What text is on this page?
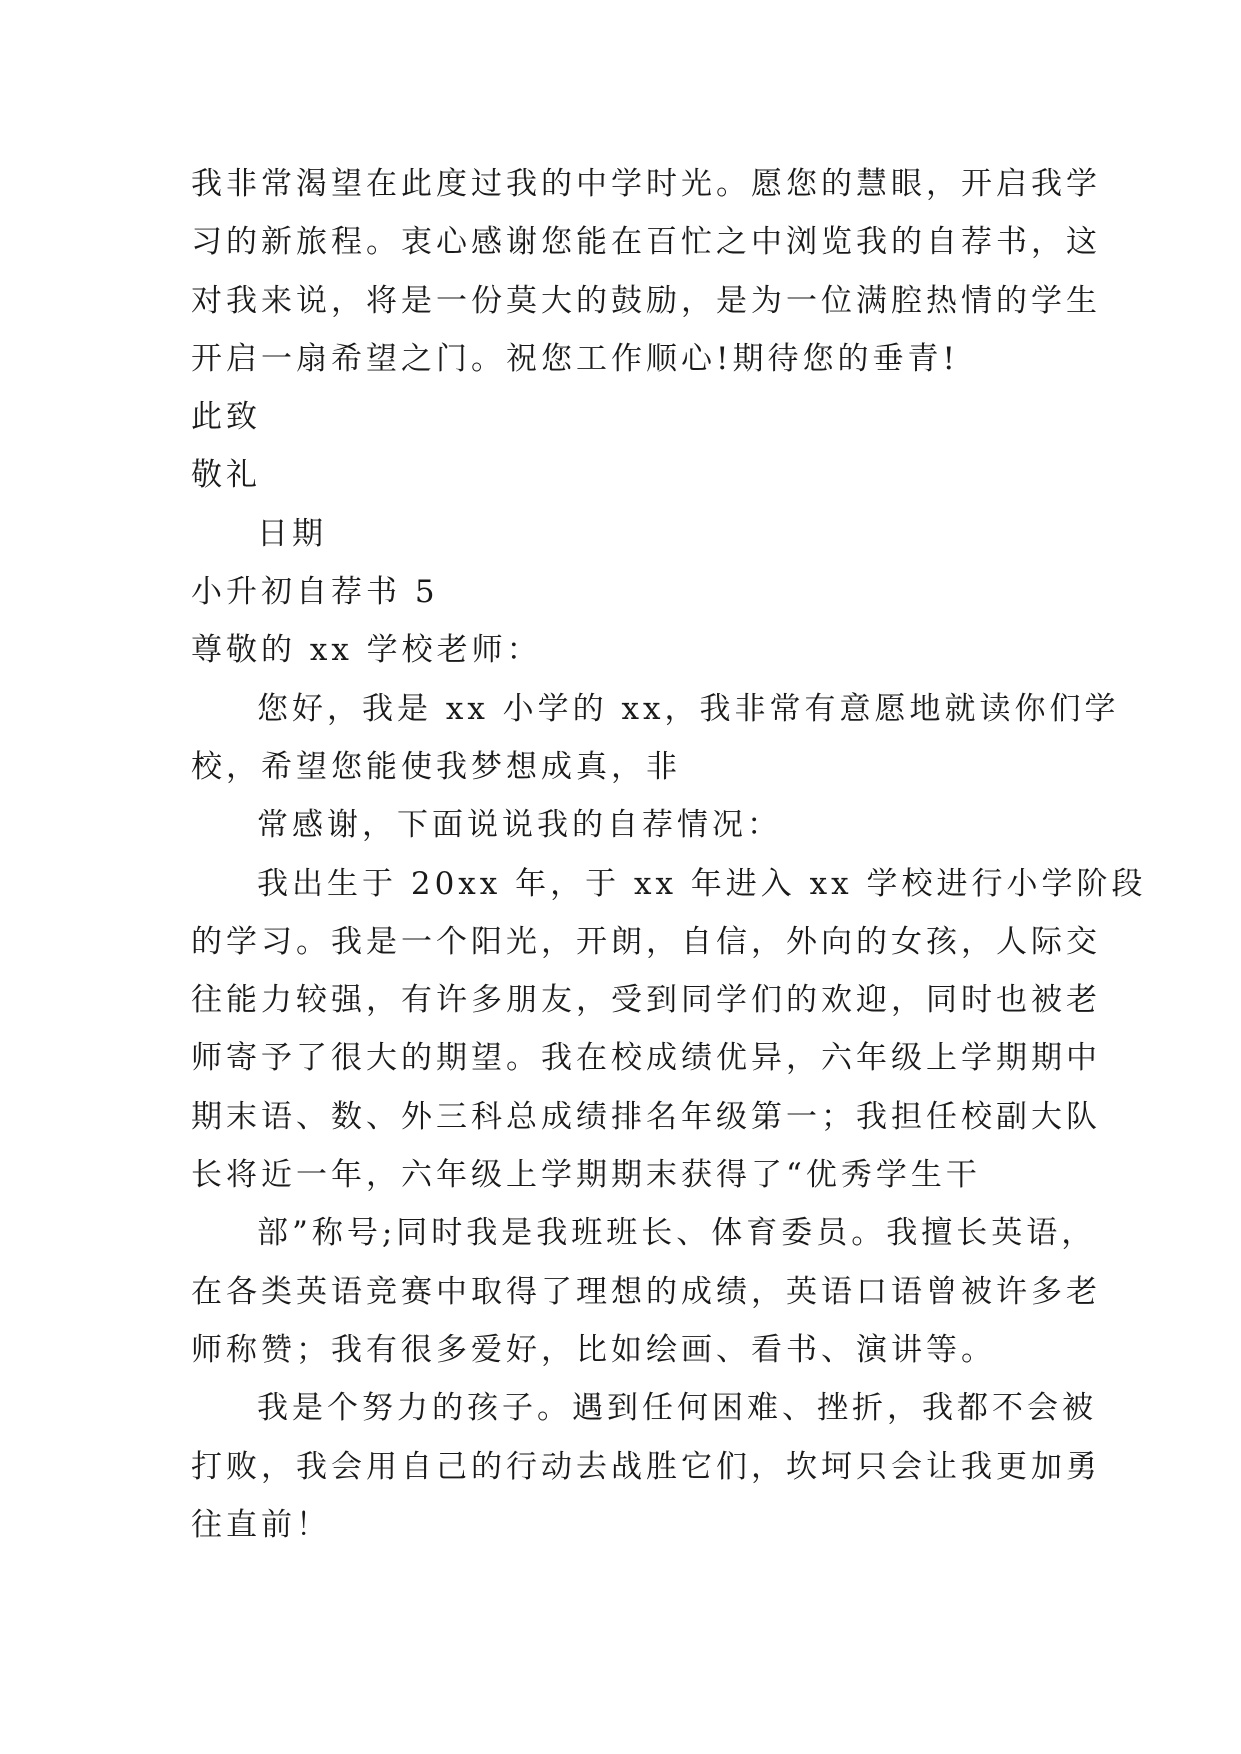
我非常渴望在此度过我的中学时光。愿您的慧眼，开启我学
习的新旅程。衷心感谢您能在百忙之中浏览我的自荐书，这
对我来说，将是一份莫大的鼓励，是为一位满腔热情的学生
开启一扇希望之门。祝您工作顺心!期待您的垂青!
此致
敬礼
日期
小升初自荐书 5
尊敬的 xx 学校老师：
您好，我是 xx 小学的 xx，我非常有意愿地就读你们学
校，希望您能使我梦想成真，非
常感谢，下面说说我的自荐情况：
我出生于 20xx 年，于 xx 年进入 xx 学校进行小学阶段
的学习。我是一个阳光，开朗，自信，外向的女孩，人际交
往能力较强，有许多朋友，受到同学们的欢迎，同时也被老
师寄予了很大的期望。我在校成绩优异，六年级上学期期中
期末语、数、外三科总成绩排名年级第一；我担任校副大队
长将近一年，六年级上学期期末获得了“优秀学生干
部”称号;同时我是我班班长、体育委员。我擅长英语，
在各类英语竞赛中取得了理想的成绩，英语口语曾被许多老
师称赞；我有很多爱好，比如绘画、看书、演讲等。
我是个努力的孩子。遇到任何困难、挫折，我都不会被
打败，我会用自己的行动去战胜它们，坎坷只会让我更加勇
往直前！
